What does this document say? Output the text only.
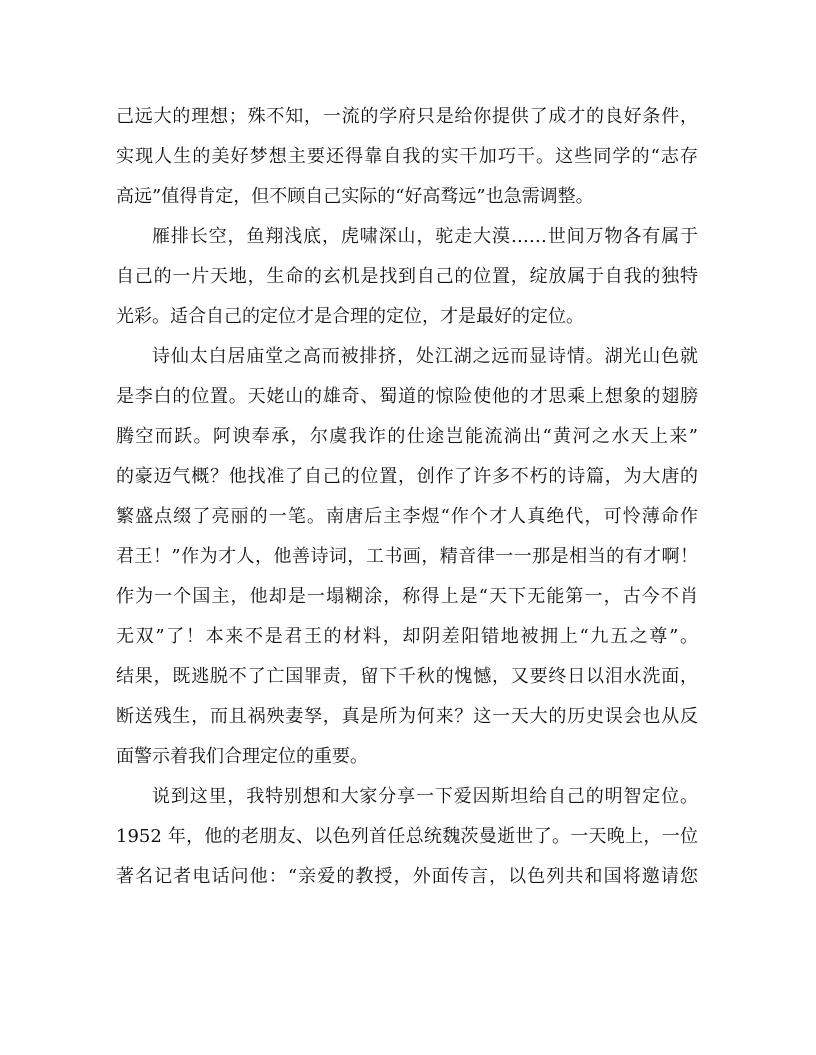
己远大的理想；殊不知，一流的学府只是给你提供了成才的良好条件，
实现人生的美好梦想主要还得靠自我的实干加巧干。这些同学的“志存
高远”值得肯定，但不顾自己实际的“好高骛远”也急需调整。
雁排长空，鱼翔浅底，虎啸深山，驼走大漠……世间万物各有属于
自己的一片天地，生命的玄机是找到自己的位置，绽放属于自我的独特
光彩。适合自己的定位才是合理的定位，才是最好的定位。
诗仙太白居庙堂之高而被排挤，处江湖之远而显诗情。湖光山色就
是李白的位置。天姥山的雄奇、蜀道的惊险使他的才思乘上想象的翅膀
腾空而跃。阿谀奉承，尔虞我诈的仕途岂能流淌出“黄河之水天上来”
的豪迈气概？他找准了自己的位置，创作了许多不朽的诗篇，为大唐的
繁盛点缀了亮丽的一笔。南唐后主李煜“作个才人真绝代，可怜薄命作
君王！”作为才人，他善诗词，工书画，精音律一一那是相当的有才啊！
作为一个国主，他却是一塌糊涂，称得上是“天下无能第一，古今不肖
无双”了！本来不是君王的材料，却阴差阳错地被拥上“九五之尊”。
结果，既逃脱不了亡国罪责，留下千秋的愧憾，又要终日以泪水洗面，
断送残生，而且祸殃妻孥，真是所为何来？这一天大的历史误会也从反
面警示着我们合理定位的重要。
说到这里，我特别想和大家分享一下爱因斯坦给自己的明智定位。
1952 年，他的老朋友、以色列首任总统魏茨曼逝世了。一天晚上，一位
著名记者电话问他：“亲爱的教授，外面传言，以色列共和国将邀请您
